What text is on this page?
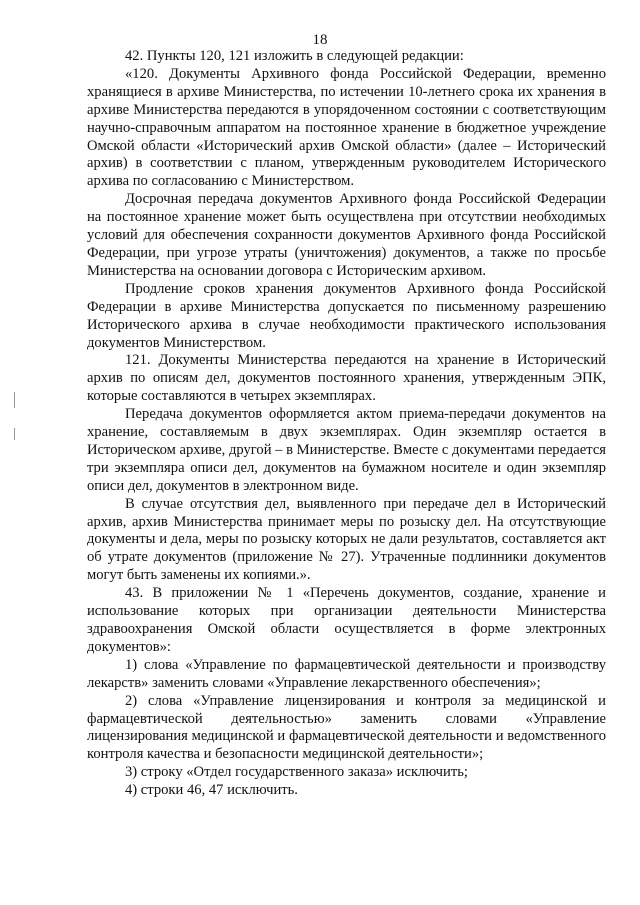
18

42. Пункты 120, 121 изложить в следующей редакции:

«120. Документы Архивного фонда Российской Федерации, временно хранящиеся в архиве Министерства, по истечении 10-летнего срока их хранения в архиве Министерства передаются в упорядоченном состоянии с соответствующим научно-справочным аппаратом на постоянное хранение в бюджетное учреждение Омской области «Исторический архив Омской области» (далее – Исторический архив) в соответствии с планом, утвержденным руководителем Исторического архива по согласованию с Министерством.

Досрочная передача документов Архивного фонда Российской Федерации на постоянное хранение может быть осуществлена при отсутствии необходимых условий для обеспечения сохранности документов Архивного фонда Российской Федерации, при угрозе утраты (уничтожения) документов, а также по просьбе Министерства на основании договора с Историческим архивом.

Продление сроков хранения документов Архивного фонда Российской Федерации в архиве Министерства допускается по письменному разрешению Исторического архива в случае необходимости практического использования документов Министерством.

121. Документы Министерства передаются на хранение в Исторический архив по описям дел, документов постоянного хранения, утвержденным ЭПК, которые составляются в четырех экземплярах.

Передача документов оформляется актом приема-передачи документов на хранение, составляемым в двух экземплярах. Один экземпляр остается в Историческом архиве, другой – в Министерстве. Вместе с документами передается три экземпляра описи дел, документов на бумажном носителе и один экземпляр описи дел, документов в электронном виде.

В случае отсутствия дел, выявленного при передаче дел в Исторический архив, архив Министерства принимает меры по розыску дел. На отсутствующие документы и дела, меры по розыску которых не дали результатов, составляется акт об утрате документов (приложение № 27). Утраченные подлинники документов могут быть заменены их копиями.».

43. В приложении № 1 «Перечень документов, создание, хранение и использование которых при организации деятельности Министерства здравоохранения Омской области осуществляется в форме электронных документов»:

1) слова «Управление по фармацевтической деятельности и производству лекарств» заменить словами «Управление лекарственного обеспечения»;

2) слова «Управление лицензирования и контроля за медицинской и фармацевтической деятельностью» заменить словами «Управление лицензирования медицинской и фармацевтической деятельности и ведомственного контроля качества и безопасности медицинской деятельности»;

3) строку «Отдел государственного заказа» исключить;

4) строки 46, 47 исключить.
